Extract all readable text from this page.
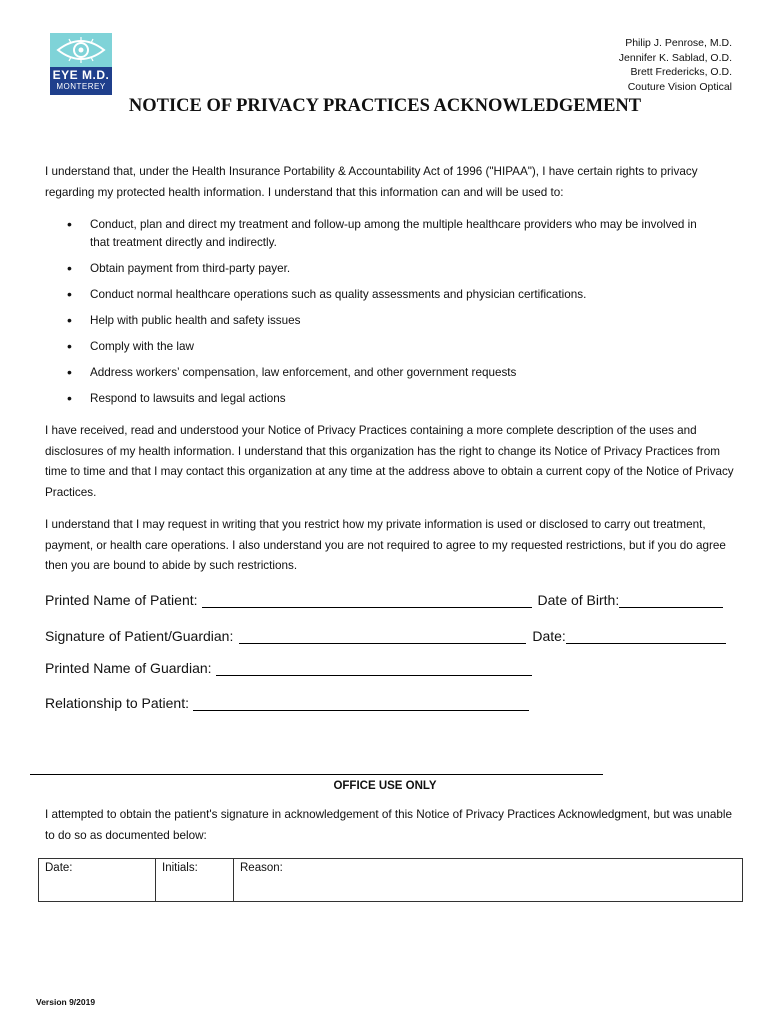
EYE M.D.
MONTEREY
Philip J. Penrose, M.D.
Jennifer K. Sablad, O.D.
Brett Fredericks, O.D.
Couture Vision Optical
NOTICE OF PRIVACY PRACTICES ACKNOWLEDGEMENT
I understand that, under the Health Insurance Portability & Accountability Act of 1996 ("HIPAA"), I have certain rights to privacy regarding my protected health information. I understand that this information can and will be used to:
• Conduct, plan and direct my treatment and follow-up among the multiple healthcare providers who may be involved in that treatment directly and indirectly.
• Obtain payment from third-party payer.
• Conduct normal healthcare operations such as quality assessments and physician certifications.
• Help with public health and safety issues
• Comply with the law
• Address workers’ compensation, law enforcement, and other government requests
• Respond to lawsuits and legal actions
I have received, read and understood your Notice of Privacy Practices containing a more complete description of the uses and disclosures of my health information. I understand that this organization has the right to change its Notice of Privacy Practices from time to time and that I may contact this organization at any time at the address above to obtain a current copy of the Notice of Privacy Practices.
I understand that I may request in writing that you restrict how my private information is used or disclosed to carry out treatment, payment, or health care operations. I also understand you are not required to agree to my requested restrictions, but if you do agree then you are bound to abide by such restrictions.
Printed Name of Patient:	Date of Birth:
Signature of Patient/Guardian:	Date:
Printed Name of Guardian:
Relationship to Patient:
OFFICE USE ONLY
I attempted to obtain the patient's signature in acknowledgement of this Notice of Privacy Practices Acknowledgment, but was unable to do so as documented below:
Date:	Initials:	Reason:
Version 9/2019
